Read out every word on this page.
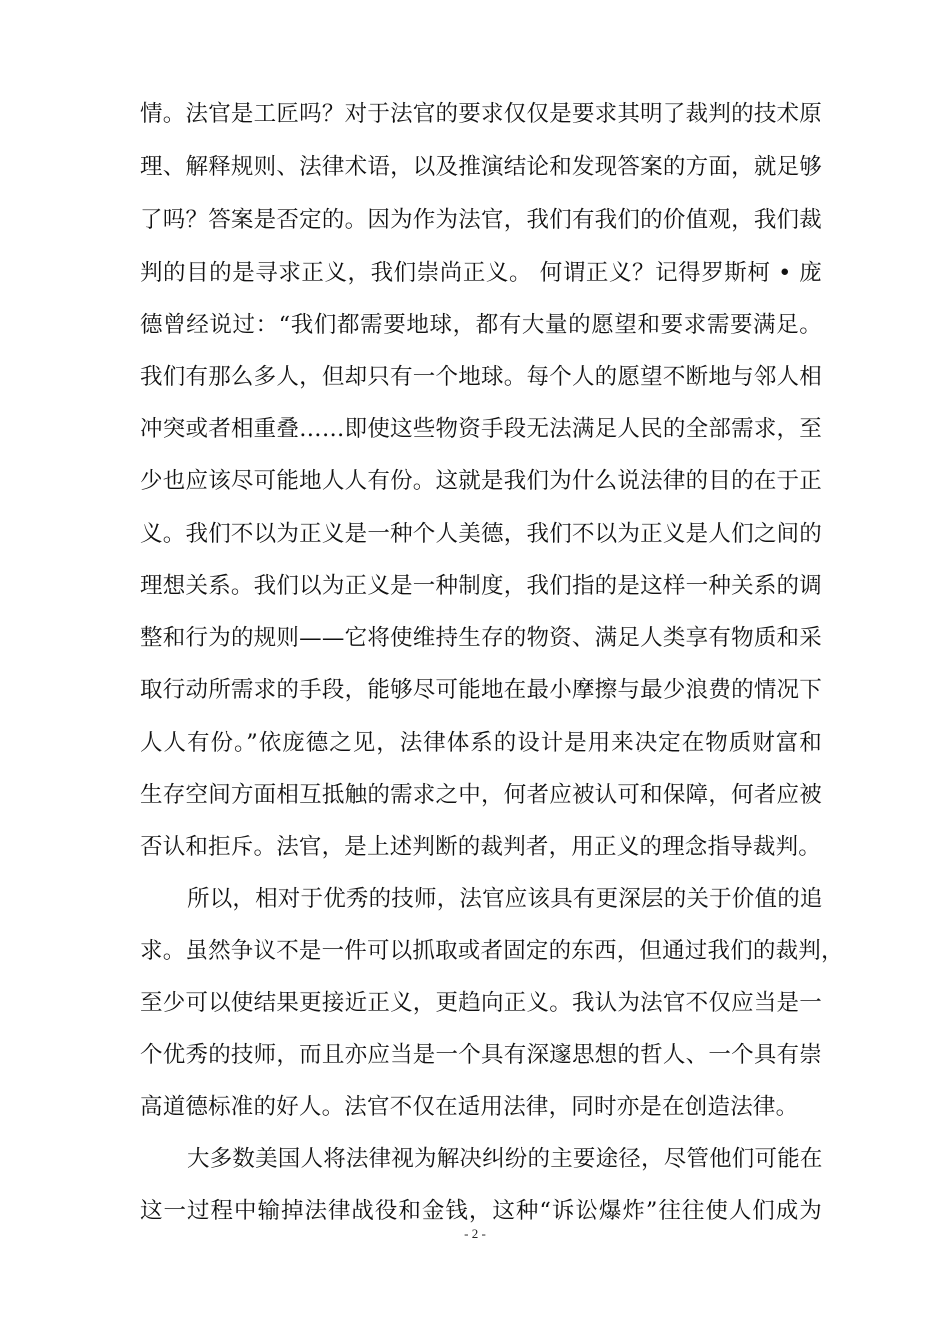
情。法官是工匠吗？对于法官的要求仅仅是要求其明了裁判的技术原
理、解释规则、法律术语，以及推演结论和发现答案的方面，就足够
了吗？答案是否定的。因为作为法官，我们有我们的价值观，我们裁
判的目的是寻求正义，我们崇尚正义。 何谓正义？记得罗斯柯 • 庞
德曾经说过：“我们都需要地球，都有大量的愿望和要求需要满足。
我们有那么多人，但却只有一个地球。每个人的愿望不断地与邻人相
冲突或者相重叠……即使这些物资手段无法满足人民的全部需求，至
少也应该尽可能地人人有份。这就是我们为什么说法律的目的在于正
义。我们不以为正义是一种个人美德，我们不以为正义是人们之间的
理想关系。我们以为正义是一种制度，我们指的是这样一种关系的调
整和行为的规则——它将使维持生存的物资、满足人类享有物质和采
取行动所需求的手段，能够尽可能地在最小摩擦与最少浪费的情况下
人人有份。”依庞德之见，法律体系的设计是用来决定在物质财富和
生存空间方面相互抵触的需求之中，何者应被认可和保障，何者应被
否认和拒斥。法官，是上述判断的裁判者，用正义的理念指导裁判。
所以，相对于优秀的技师，法官应该具有更深层的关于价值的追
求。虽然争议不是一件可以抓取或者固定的东西，但通过我们的裁判，
至少可以使结果更接近正义，更趋向正义。我认为法官不仅应当是一
个优秀的技师，而且亦应当是一个具有深邃思想的哲人、一个具有崇
高道德标准的好人。法官不仅在适用法律，同时亦是在创造法律。
大多数美国人将法律视为解决纠纷的主要途径，尽管他们可能在
这一过程中输掉法律战役和金钱，这种“诉讼爆炸”往往使人们成为
- 2 -
